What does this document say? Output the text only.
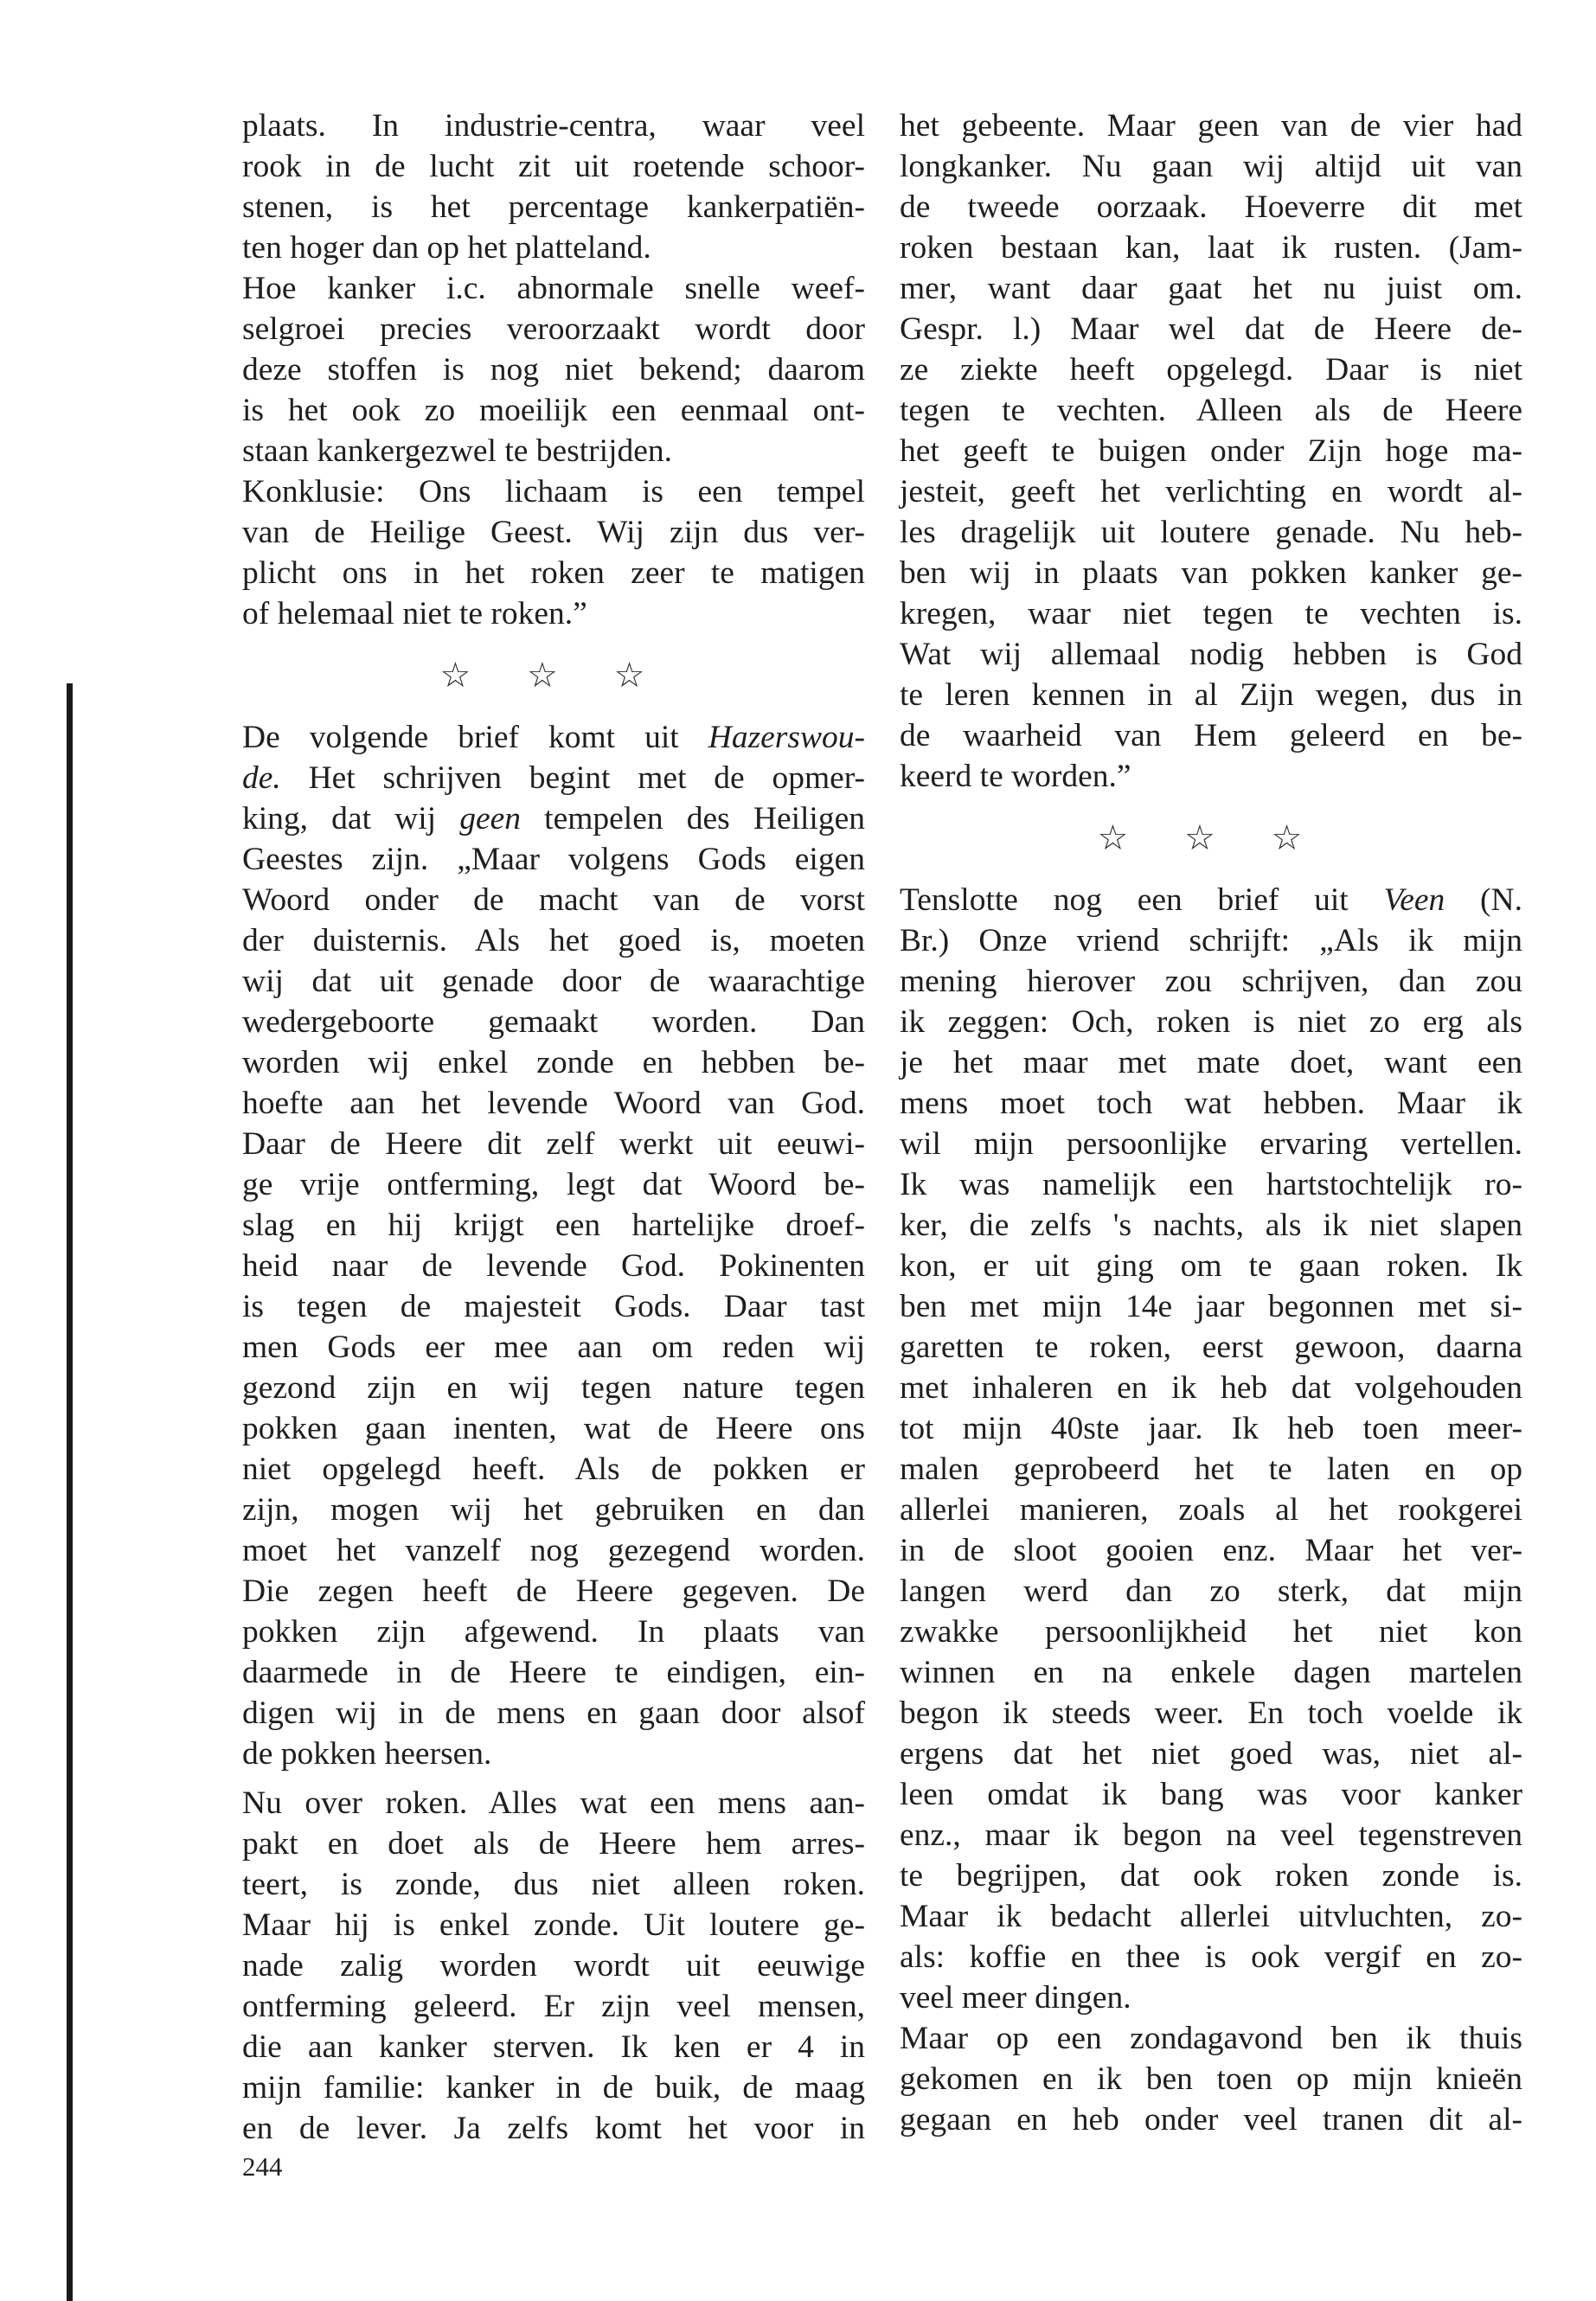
plaats. In industrie-centra, waar veel
rook in de lucht zit uit roetende schoor-
stenen, is het percentage kankerpatiën-
ten hoger dan op het platteland.
Hoe kanker i.c. abnormale snelle weef-
selgroei precies veroorzaakt wordt door
deze stoffen is nog niet bekend; daarom
is het ook zo moeilijk een eenmaal ont-
staan kankergezwel te bestrijden.
Konklusie: Ons lichaam is een tempel
van de Heilige Geest. Wij zijn dus ver-
plicht ons in het roken zeer te matigen
of helemaal niet te roken.”
☆ ☆ ☆
De volgende brief komt uit Hazerswou-
de. Het schrijven begint met de opmer-
king, dat wij geen tempelen des Heiligen
Geestes zijn. „Maar volgens Gods eigen
Woord onder de macht van de vorst
der duisternis. Als het goed is, moeten
wij dat uit genade door de waarachtige
wedergeboorte gemaakt worden. Dan
worden wij enkel zonde en hebben be-
hoefte aan het levende Woord van God.
Daar de Heere dit zelf werkt uit eeuwi-
ge vrije ontferming, legt dat Woord be-
slag en hij krijgt een hartelijke droef-
heid naar de levende God. Pokinenten
is tegen de majesteit Gods. Daar tast
men Gods eer mee aan om reden wij
gezond zijn en wij tegen nature tegen
pokken gaan inenten, wat de Heere ons
niet opgelegd heeft. Als de pokken er
zijn, mogen wij het gebruiken en dan
moet het vanzelf nog gezegend worden.
Die zegen heeft de Heere gegeven. De
pokken zijn afgewend. In plaats van
daarmede in de Heere te eindigen, ein-
digen wij in de mens en gaan door alsof
de pokken heersen.
Nu over roken. Alles wat een mens aan-
pakt en doet als de Heere hem arres-
teert, is zonde, dus niet alleen roken.
Maar hij is enkel zonde. Uit loutere ge-
nade zalig worden wordt uit eeuwige
ontferming geleerd. Er zijn veel mensen,
die aan kanker sterven. Ik ken er 4 in
mijn familie: kanker in de buik, de maag
en de lever. Ja zelfs komt het voor in
het gebeente. Maar geen van de vier had
longkanker. Nu gaan wij altijd uit van
de tweede oorzaak. Hoeverre dit met
roken bestaan kan, laat ik rusten. (Jam-
mer, want daar gaat het nu juist om.
Gespr. l.) Maar wel dat de Heere de-
ze ziekte heeft opgelegd. Daar is niet
tegen te vechten. Alleen als de Heere
het geeft te buigen onder Zijn hoge ma-
jesteit, geeft het verlichting en wordt al-
les dragelijk uit loutere genade. Nu heb-
ben wij in plaats van pokken kanker ge-
kregen, waar niet tegen te vechten is.
Wat wij allemaal nodig hebben is God
te leren kennen in al Zijn wegen, dus in
de waarheid van Hem geleerd en be-
keerd te worden.”
☆ ☆ ☆
Tenslotte nog een brief uit Veen (N.
Br.) Onze vriend schrijft: „Als ik mijn
mening hierover zou schrijven, dan zou
ik zeggen: Och, roken is niet zo erg als
je het maar met mate doet, want een
mens moet toch wat hebben. Maar ik
wil mijn persoonlijke ervaring vertellen.
Ik was namelijk een hartstochtelijk ro-
ker, die zelfs 's nachts, als ik niet slapen
kon, er uit ging om te gaan roken. Ik
ben met mijn 14e jaar begonnen met si-
garetten te roken, eerst gewoon, daarna
met inhaleren en ik heb dat volgehouden
tot mijn 40ste jaar. Ik heb toen meer-
malen geprobeerd het te laten en op
allerlei manieren, zoals al het rookgerei
in de sloot gooien enz. Maar het ver-
langen werd dan zo sterk, dat mijn
zwakke persoonlijkheid het niet kon
winnen en na enkele dagen martelen
begon ik steeds weer. En toch voelde ik
ergens dat het niet goed was, niet al-
leen omdat ik bang was voor kanker
enz., maar ik begon na veel tegenstreven
te begrijpen, dat ook roken zonde is.
Maar ik bedacht allerlei uitvluchten, zo-
als: koffie en thee is ook vergif en zo-
veel meer dingen.
Maar op een zondagavond ben ik thuis
gekomen en ik ben toen op mijn knieën
gegaan en heb onder veel tranen dit al-
244
